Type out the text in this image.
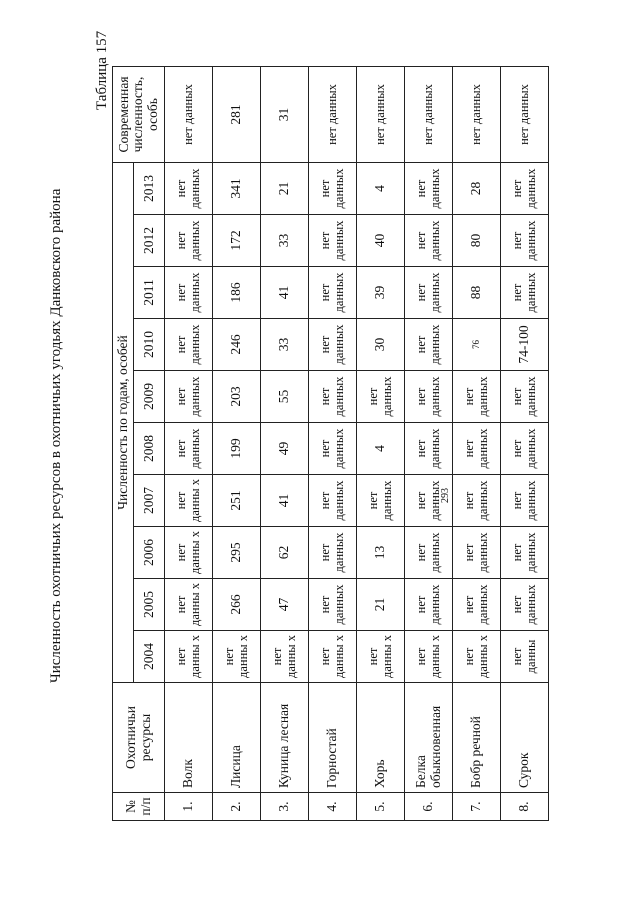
Численность охотничьих ресурсов в охотничьих угодьях Данковского района
Таблица 157
№ п/п	Охотничьи ресурсы	Численность по годам, особей										Современная численность, особь
		2004	2005	2006	2007	2008	2009	2010	2011	2012	2013	
1.	Волк	нет данны х	нет данны х	нет данны х	нет данны х	нет данных	нет данных	нет данных	нет данных	нет данных	нет данных	нет данных
2.	Лисица	нет данны х	266	295	251	199	203	246	186	172	341	281
3.	Куница лесная	нет данны х	47	62	41	49	55	33	41	33	21	31
4.	Горностай	нет данны х	нет данных	нет данных	нет данных	нет данных	нет данных	нет данных	нет данных	нет данных	нет данных	нет данных
5.	Хорь	нет данны х	21	13	нет данных	4	нет данных	30	39	40	4	нет данных
6.	Белка обыкновенная	нет данны х	нет данных	нет данных	нет данных	нет данных	нет данных	нет данных	нет данных	нет данных	нет данных	нет данных
7.	Бобр речной	нет данны х	нет данных	нет данных	нет данных	нет данных	нет данных	76	88	80	28	нет данных
8.	Сурок	нет данны	нет данных	нет данных	нет данных	нет данных	нет данных	74-100	нет данных	нет данных	нет данных	нет данных
293
